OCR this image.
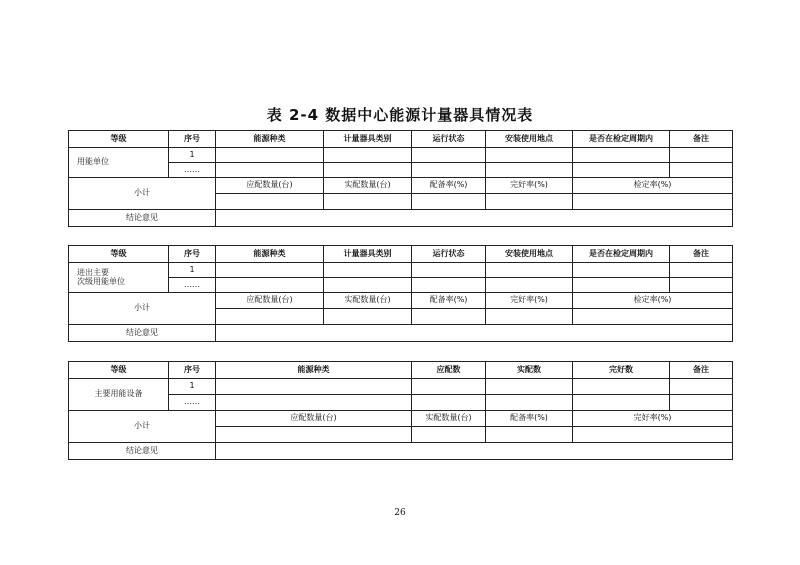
表 2-4 数据中心能源计量器具情况表
等级	序号	能源种类	计量器具类别	运行状态	安装使用地点	是否在检定周期内	备注
用能单位	1						
	……						
小计		应配数量(台)	实配数量(台)	配备率(%)	完好率(%)	检定率(%)	

结论意见							
等级	序号	能源种类	计量器具类别	运行状态	安装使用地点	是否在检定周期内	备注

进出主要
次级用能单位	1						
	……						
小计		应配数量(台)	实配数量(台)	配备率(%)	完好率(%)	检定率(%)	

结论意见							
等级	序号	能源种类	应配数	实配数	完好数	备注
主要用能设备	1					
	……					
小计		应配数量(台)	实配数量(台)	配备率(%)	完好率(%)	

结论意见						
26
